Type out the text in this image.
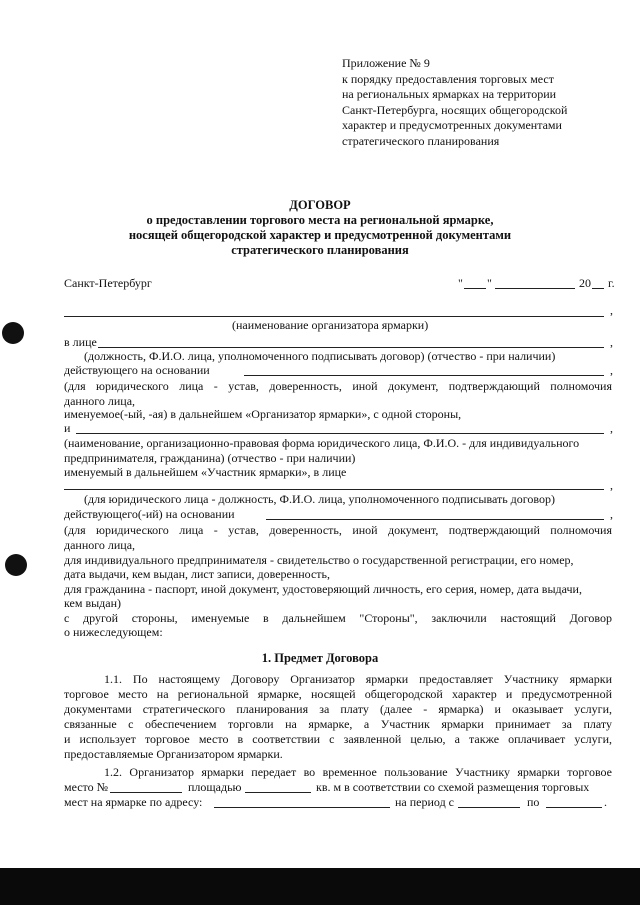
Приложение № 9
к порядку предоставления торговых мест
на региональных ярмарках на территории
Санкт-Петербурга, носящих общегородской
характер и предусмотренных документами
стратегического планирования
ДОГОВОР
о предоставлении торгового места на региональной ярмарке,
носящей общегородской характер и предусмотренной документами
стратегического планирования
Санкт-Петербург	" "	20 г.
,
(наименование организатора ярмарки)
в лице	,
(должность, Ф.И.О. лица, уполномоченного подписывать договор) (отчество - при наличии)
действующего на основании	,
(для юридического лица - устав, доверенность, иной документ, подтверждающий полномочия
данного лица,
именуемое(-ый, -ая) в дальнейшем «Организатор ярмарки», с одной стороны,
и	,
(наименование, организационно-правовая форма юридического лица, Ф.И.О. - для индивидуального
предпринимателя, гражданина) (отчество - при наличии)
именуемый в дальнейшем «Участник ярмарки», в лице
,
(для юридического лица - должность, Ф.И.О. лица, уполномоченного подписывать договор)
действующего(-ий) на основании	,
(для юридического лица - устав, доверенность, иной документ, подтверждающий полномочия
данного лица,
для индивидуального предпринимателя - свидетельство о государственной регистрации, его номер,
дата выдачи, кем выдан, лист записи, доверенность,
для гражданина - паспорт, иной документ, удостоверяющий личность, его серия, номер, дата выдачи,
кем выдан)
с другой стороны, именуемые в дальнейшем "Стороны", заключили настоящий Договор
о нижеследующем:
1. Предмет Договора
1.1. По настоящему Договору Организатор ярмарки предоставляет Участнику ярмарки
торговое место на региональной ярмарке, носящей общегородской характер и предусмотренной
документами стратегического планирования за плату (далее - ярмарка) и оказывает услуги,
связанные с обеспечением торговли на ярмарке, а Участник ярмарки принимает за плату
и использует торговое место в соответствии с заявленной целью, а также оплачивает услуги,
предоставляемые Организатором ярмарки.
1.2. Организатор ярмарки передает во временное пользование Участнику ярмарки торговое
место №	площадью	кв. м в соответствии со схемой размещения торговых
мест на ярмарке по адресу:	на период с	по	.
